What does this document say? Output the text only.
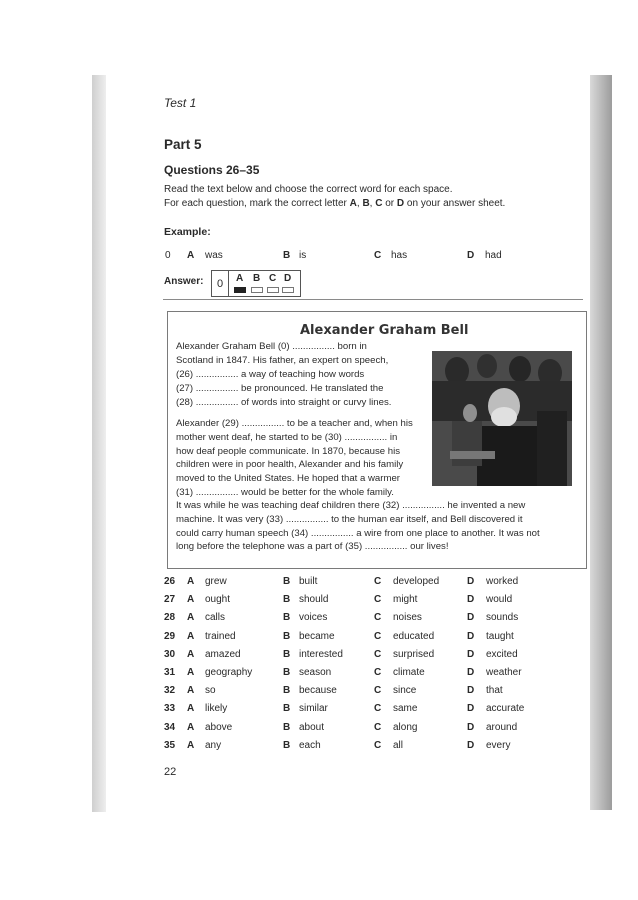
Test 1
Part 5
Questions 26–35
Read the text below and choose the correct word for each space.
For each question, mark the correct letter A, B, C or D on your answer sheet.
Example:
0 A was	B is	C has	D had
Answer:	0	A B C D
Alexander Graham Bell
Alexander Graham Bell (0) ................ born in
Scotland in 1847. His father, an expert on speech,
(26) ................ a way of teaching how words
(27) ................ be pronounced. He translated the
(28) ................ of words into straight or curvy lines.
Alexander (29) ................ to be a teacher and, when his
mother went deaf, he started to be (30) ................ in
how deaf people communicate. In 1870, because his
children were in poor health, Alexander and his family
moved to the United States. He hoped that a warmer
(31) ................ would be better for the whole family.
It was while he was teaching deaf children there (32) ................ he invented a new
machine. It was very (33) ................ to the human ear itself, and Bell discovered it
could carry human speech (34) ................ a wire from one place to another. It was not
long before the telephone was a part of (35) ................ our lives!
26 A grew	B built	C developed	D worked
27 A ought	B should	C might	D would
28 A calls	B voices	C noises	D sounds
29 A trained	B became	C educated	D taught
30 A amazed	B interested	C surprised	D excited
31 A geography	B season	C climate	D weather
32 A so	B because	C since	D that
33 A likely	B similar	C same	D accurate
34 A above	B about	C along	D around
35 A any	B each	C all	D every
22
